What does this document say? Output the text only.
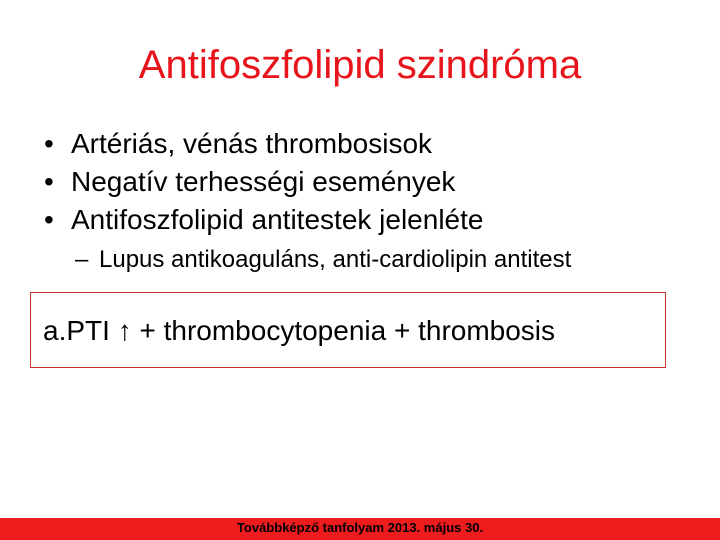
Antifoszfolipid szindróma
• Artériás, vénás thrombosisok
• Negatív terhességi események
• Antifoszfolipid antitestek jelenléte
– Lupus antikoaguláns, anti-cardiolipin antitest
a.PTI ↑ + thrombocytopenia + thrombosis
Továbbképző tanfolyam 2013. május 30.
